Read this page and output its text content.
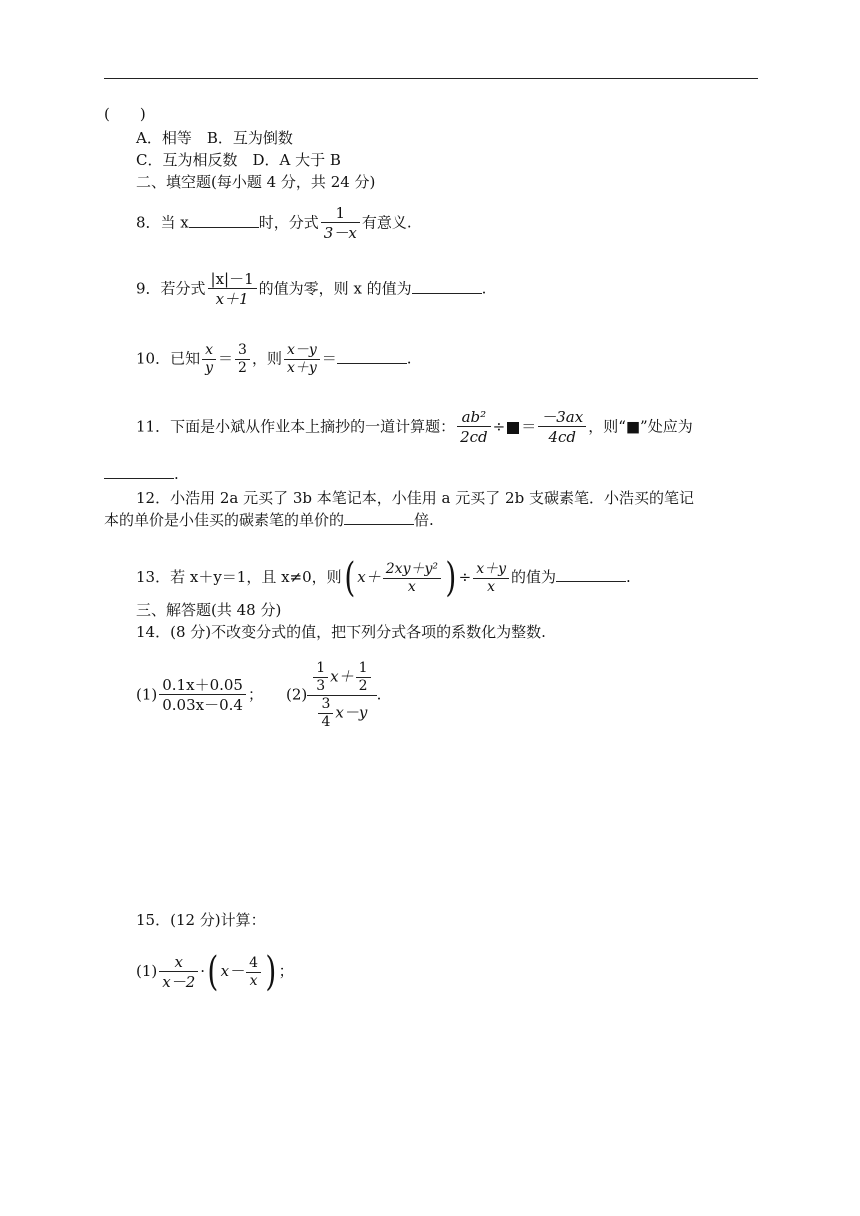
(　　)
A．相等　B．互为倒数
C．互为相反数　D．A 大于 B
二、填空题(每小题 4 分，共 24 分)
8．当 x	时，分式 $\frac{1}{3-x}$ 有意义.
9．若分式 $\frac{|x|-1}{x+1}$ 的值为零，则 x 的值为	.
10．已知 $\frac{x}{y} = \frac{3}{2}$ ，则 $\frac{x-y}{x+y}$ ＝	.
11．下面是小斌从作业本上摘抄的一道计算题： $\frac{\text{ab²}}{2cd}$ ÷ ＝ $\frac{-3ax}{4cd}$ ，则“■”处应为
.
12．小浩用 2a 元买了 3b 本笔记本，小佳用 a 元买了 2b 支碳素笔．小浩买的笔记
本的单价是小佳买的碳素笔的单价的	倍.
13．若 x＋y＝1，且 x≠0，则( $x+ \frac{\text{2xy＋y²}}{x}$ ) ÷ $\frac{x+y}{x}$ 的值为	.
三、解答题(共 48 分)
14．(8 分)不改变分式的值，把下列分式各项的系数化为整数.
$(1) \frac{0.1x+0.05}{0.03x-0.4}$ ； $(2) \frac{\frac{1}{3} x+ \frac{1}{2}}{\frac{3}{4} x-y}$ .
15．(12 分)计算：
$(1) \frac{x}{x-2}$ ·( $x- \frac{4}{x}$ ) ；
